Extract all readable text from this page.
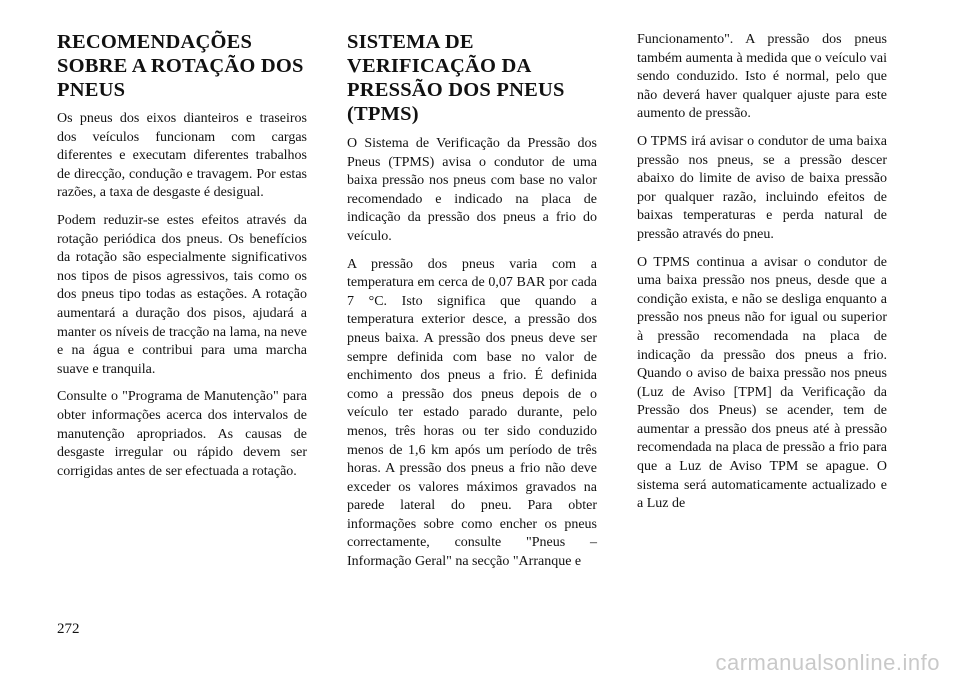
RECOMENDAÇÕES SOBRE A ROTAÇÃO DOS PNEUS

Os pneus dos eixos dianteiros e traseiros dos veículos funcionam com cargas diferentes e executam diferentes trabalhos de direcção, condução e travagem. Por estas razões, a taxa de desgaste é desigual.

Podem reduzir-se estes efeitos através da rotação periódica dos pneus. Os benefícios da rotação são especialmente significativos nos tipos de pisos agressivos, tais como os dos pneus tipo todas as estações. A rotação aumentará a duração dos pisos, ajudará a manter os níveis de tracção na lama, na neve e na água e contribui para uma marcha suave e tranquila.

Consulte o "Programa de Manutenção" para obter informações acerca dos intervalos de manutenção apropriados. As causas de desgaste irregular ou rápido devem ser corrigidas antes de ser efectuada a rotação.

SISTEMA DE VERIFICAÇÃO DA PRESSÃO DOS PNEUS (TPMS)

O Sistema de Verificação da Pressão dos Pneus (TPMS) avisa o condutor de uma baixa pressão nos pneus com base no valor recomendado e indicado na placa de indicação da pressão dos pneus a frio do veículo.

A pressão dos pneus varia com a temperatura em cerca de 0,07 BAR por cada 7 °C. Isto significa que quando a temperatura exterior desce, a pressão dos pneus baixa. A pressão dos pneus deve ser sempre definida com base no valor de enchimento dos pneus a frio. É definida como a pressão dos pneus depois de o veículo ter estado parado durante, pelo menos, três horas ou ter sido conduzido menos de 1,6 km após um período de três horas. A pressão dos pneus a frio não deve exceder os valores máximos gravados na parede lateral do pneu. Para obter informações sobre como encher os pneus correctamente, consulte "Pneus – Informação Geral" na secção "Arranque e

Funcionamento". A pressão dos pneus também aumenta à medida que o veículo vai sendo conduzido. Isto é normal, pelo que não deverá haver qualquer ajuste para este aumento de pressão.

O TPMS irá avisar o condutor de uma baixa pressão nos pneus, se a pressão descer abaixo do limite de aviso de baixa pressão por qualquer razão, incluindo efeitos de baixas temperaturas e perda natural de pressão através do pneu.

O TPMS continua a avisar o condutor de uma baixa pressão nos pneus, desde que a condição exista, e não se desliga enquanto a pressão nos pneus não for igual ou superior à pressão recomendada na placa de indicação da pressão dos pneus a frio. Quando o aviso de baixa pressão nos pneus (Luz de Aviso [TPM] da Verificação da Pressão dos Pneus) se acender, tem de aumentar a pressão dos pneus até à pressão recomendada na placa de pressão a frio para que a Luz de Aviso TPM se apague. O sistema será automaticamente actualizado e a Luz de

272
carmanualsonline.info
